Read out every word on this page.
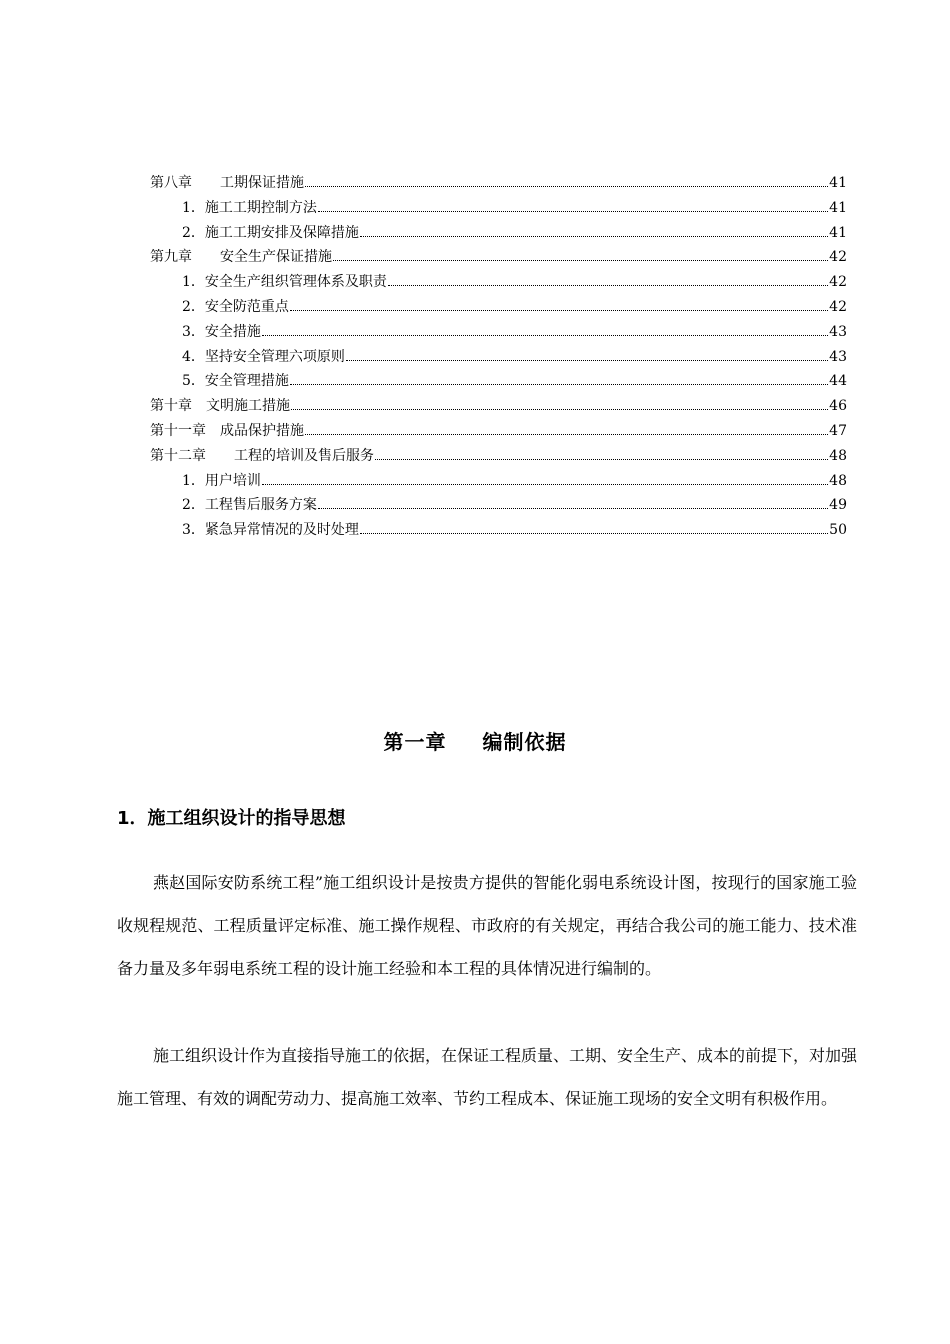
第八章　　工期保证措施	41
1．施工工期控制方法	41
2．施工工期安排及保障措施	41
第九章　　安全生产保证措施	42
1．安全生产组织管理体系及职责	42
2．安全防范重点	42
3．安全措施	43
4．坚持安全管理六项原则	43
5．安全管理措施	44
第十章　文明施工措施	46
第十一章　成品保护措施	47
第十二章　　工程的培训及售后服务	48
1．用户培训	48
2．工程售后服务方案	49
3．紧急异常情况的及时处理	50
第一章 编制依据
1．施工组织设计的指导思想

燕赵国际安防系统工程”施工组织设计是按贵方提供的智能化弱电系统设计图，按现行的国家施工验收规程规范、工程质量评定标准、施工操作规程、市政府的有关规定，再结合我公司的施工能力、技术准备力量及多年弱电系统工程的设计施工经验和本工程的具体情况进行编制的。

施工组织设计作为直接指导施工的依据，在保证工程质量、工期、安全生产、成本的前提下，对加强施工管理、有效的调配劳动力、提高施工效率、节约工程成本、保证施工现场的安全文明有积极作用。
